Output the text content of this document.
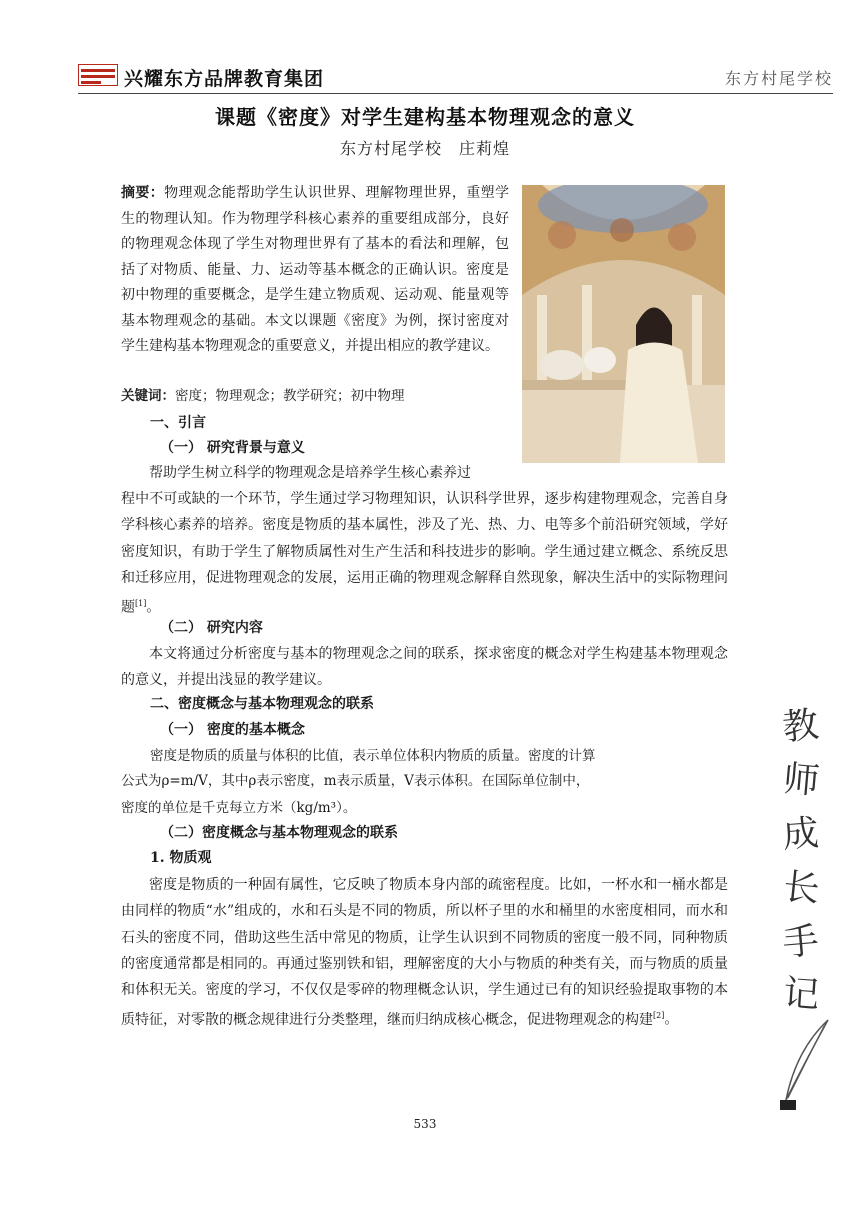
兴耀东方品牌教育集团	东方村尾学校
课题《密度》对学生建构基本物理观念的意义
东方村尾学校　庄莉煌

摘要：物理观念能帮助学生认识世界、理解物理世界，重塑学生的物理认知。作为物理学科核心素养的重要组成部分，良好的物理观念体现了学生对物理世界有了基本的看法和理解，包括了对物质、能量、力、运动等基本概念的正确认识。密度是初中物理的重要概念，是学生建立物质观、运动观、能量观等基本物理观念的基础。本文以课题《密度》为例，探讨密度对学生建构基本物理观念的重要意义，并提出相应的教学建议。

关键词：密度；物理观念；教学研究；初中物理

一、引言
（一） 研究背景与意义

帮助学生树立科学的物理观念是培养学生核心素养过

程中不可或缺的一个环节，学生通过学习物理知识，认识科学世界，逐步构建物理观念，完善自身学科核心素养的培养。密度是物质的基本属性，涉及了光、热、力、电等多个前沿研究领域，学好密度知识，有助于学生了解物质属性对生产生活和科技进步的影响。学生通过建立概念、系统反思和迁移应用，促进物理观念的发展，运用正确的物理观念解释自然现象，解决生活中的实际物理问题[1]。

（二） 研究内容

本文将通过分析密度与基本的物理观念之间的联系，探求密度的概念对学生构建基本物理观念的意义，并提出浅显的教学建议。

二、密度概念与基本物理观念的联系
（一） 密度的基本概念
密度是物质的质量与体积的比值，表示单位体积内物质的质量。密度的计算
公式为ρ=m/V，其中ρ表示密度，m表示质量，V表示体积。在国际单位制中，
密度的单位是千克每立方米（kg/m³）。
（二）密度概念与基本物理观念的联系
1. 物质观

密度是物质的一种固有属性，它反映了物质本身内部的疏密程度。比如，一杯水和一桶水都是由同样的物质“水”组成的，水和石头是不同的物质，所以杯子里的水和桶里的水密度相同，而水和石头的密度不同，借助这些生活中常见的物质，让学生认识到不同物质的密度一般不同，同种物质的密度通常都是相同的。再通过鉴别铁和铝，理解密度的大小与物质的种类有关，而与物质的质量和体积无关。密度的学习，不仅仅是零碎的物理概念认识，学生通过已有的知识经验提取事物的本质特征，对零散的概念规律进行分类整理，继而归纳成核心概念，促进物理观念的构建[2]。

教
师
成
长
手
记
533
